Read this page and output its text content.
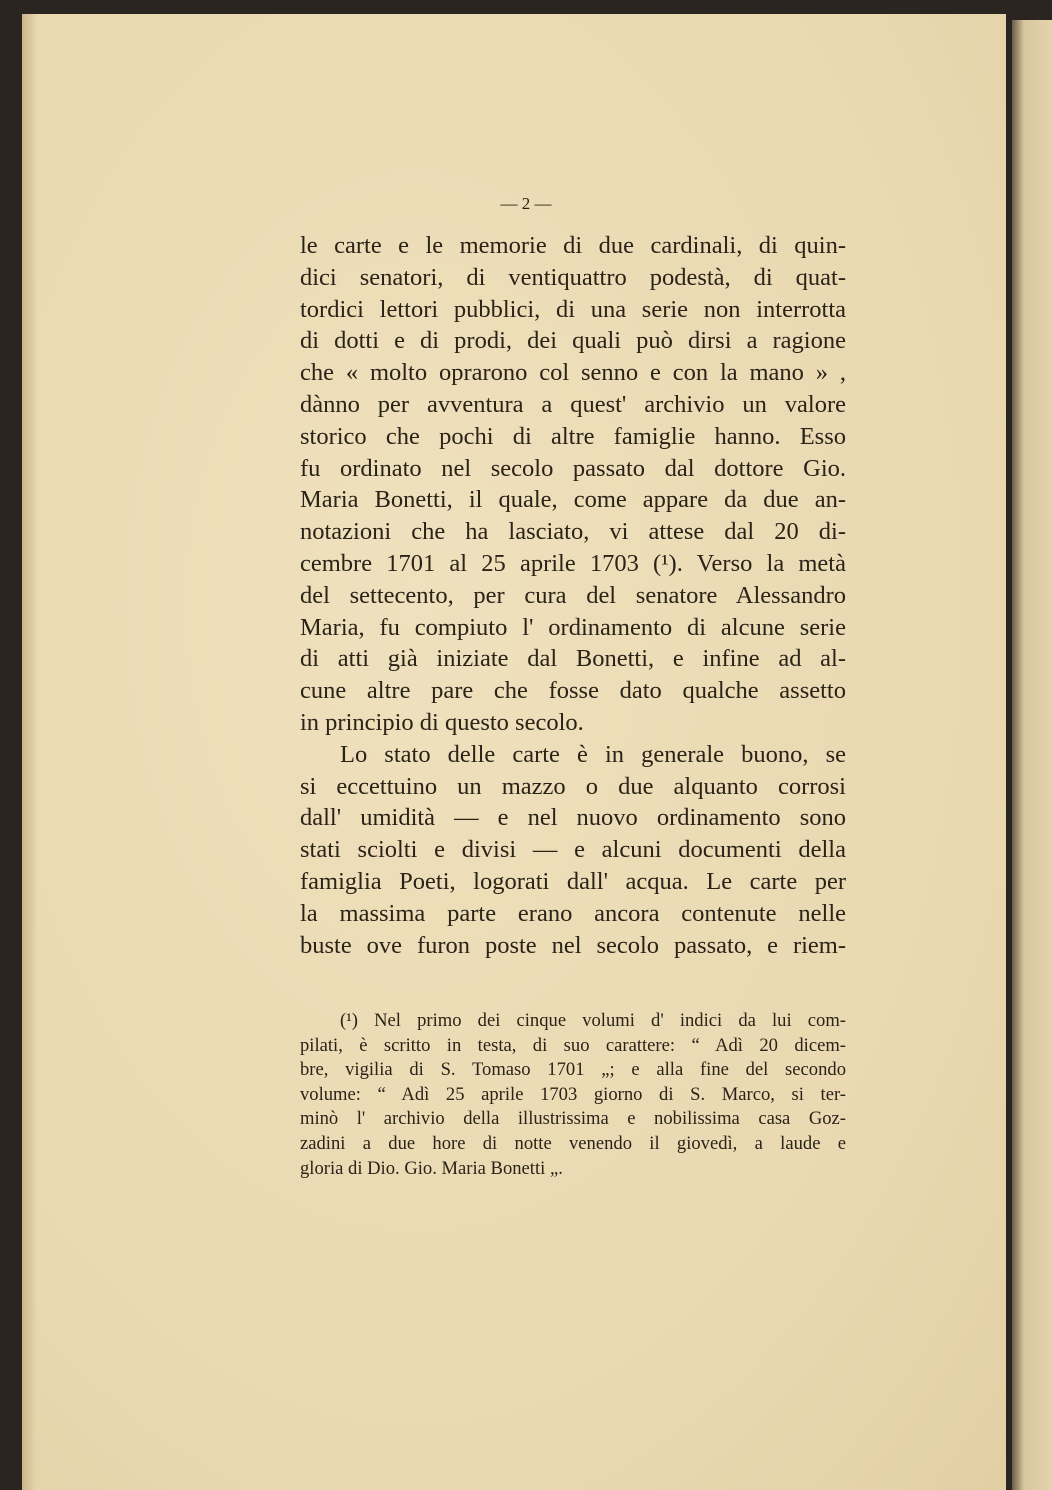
— 2 —
le carte e le memorie di due cardinali, di quin-
dici senatori, di ventiquattro podestà, di quat-
tordici lettori pubblici, di una serie non interrotta
di dotti e di prodi, dei quali può dirsi a ragione
che « molto oprarono col senno e con la mano » ,
dànno per avventura a quest' archivio un valore
storico che pochi di altre famiglie hanno. Esso
fu ordinato nel secolo passato dal dottore Gio.
Maria Bonetti, il quale, come appare da due an-
notazioni che ha lasciato, vi attese dal 20 di-
cembre 1701 al 25 aprile 1703 (¹). Verso la metà
del settecento, per cura del senatore Alessandro
Maria, fu compiuto l' ordinamento di alcune serie
di atti già iniziate dal Bonetti, e infine ad al-
cune altre pare che fosse dato qualche assetto
in principio di questo secolo.
Lo stato delle carte è in generale buono, se
si eccettuino un mazzo o due alquanto corrosi
dall' umidità — e nel nuovo ordinamento sono
stati sciolti e divisi — e alcuni documenti della
famiglia Poeti, logorati dall' acqua. Le carte per
la massima parte erano ancora contenute nelle
buste ove furon poste nel secolo passato, e riem-
(¹) Nel primo dei cinque volumi d' indici da lui com-
pilati, è scritto in testa, di suo carattere: “ Adì 20 dicem-
bre, vigilia di S. Tomaso 1701 „; e alla fine del secondo
volume: “ Adì 25 aprile 1703 giorno di S. Marco, si ter-
minò l' archivio della illustrissima e nobilissima casa Goz-
zadini a due hore di notte venendo il giovedì, a laude e
gloria di Dio. Gio. Maria Bonetti „.
